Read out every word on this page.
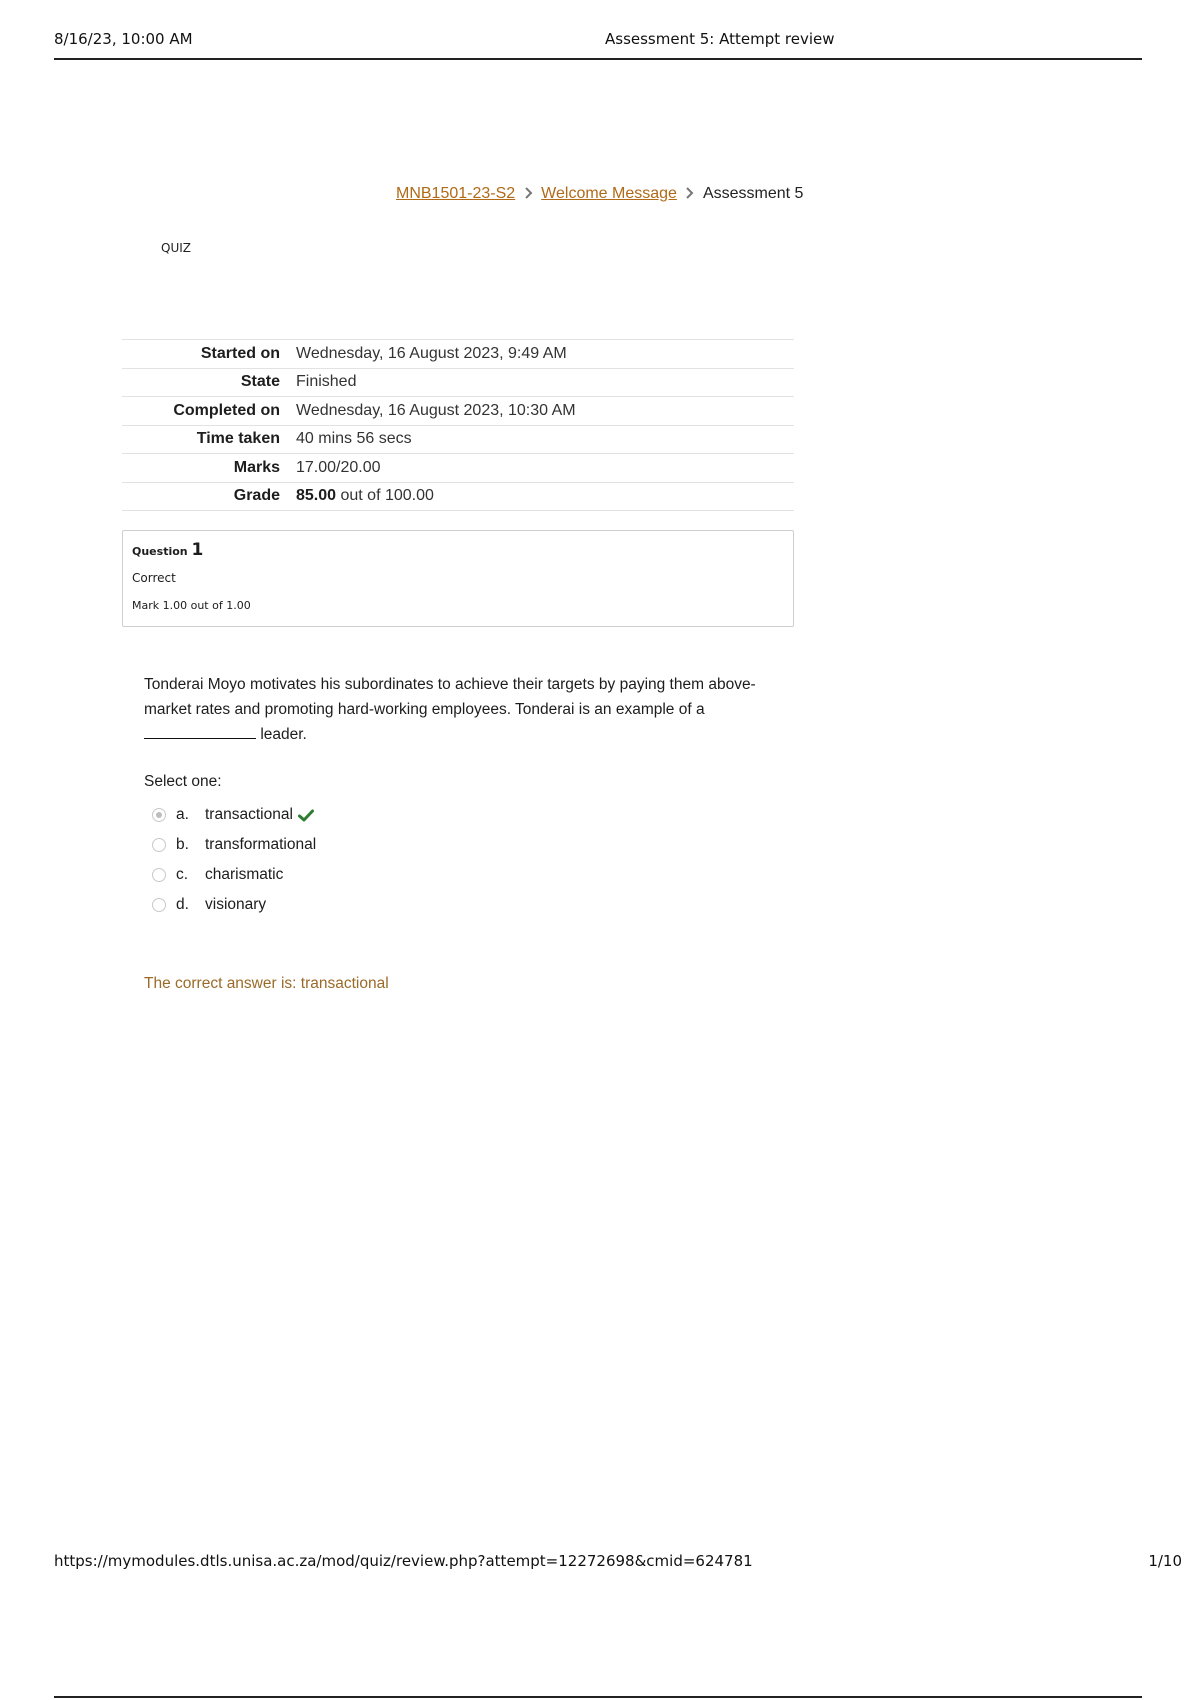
8/16/23, 10:00 AM	Assessment 5: Attempt review
MNB1501-23-S2 Welcome Message Assessment 5
QUIZ
Started on	Wednesday, 16 August 2023, 9:49 AM
State	Finished
Completed on	Wednesday, 16 August 2023, 10:30 AM
Time taken	40 mins 56 secs
Marks	17.00/20.00
Grade	85.00 out of 100.00
Question 1
Correct
Mark 1.00 out of 1.00
Tonderai Moyo motivates his subordinates to achieve their targets by paying them above-market rates and promoting hard-working employees. Tonderai is an example of a  leader.
Select one:
a.	transactional
b.	transformational
c.	charismatic
d.	visionary
The correct answer is: transactional
https://mymodules.dtls.unisa.ac.za/mod/quiz/review.php?attempt=12272698&cmid=624781	1/10
